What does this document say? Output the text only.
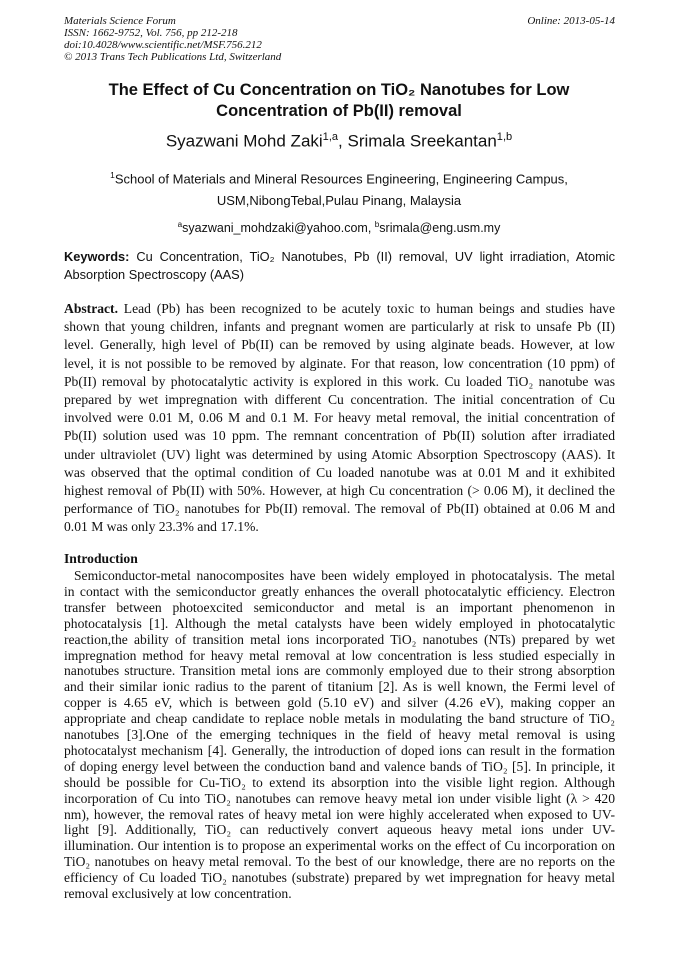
Materials Science Forum
ISSN: 1662-9752, Vol. 756, pp 212-218
doi:10.4028/www.scientific.net/MSF.756.212
© 2013 Trans Tech Publications Ltd, Switzerland
Online: 2013-05-14
The Effect of Cu Concentration on TiO₂ Nanotubes for Low
Concentration of Pb(II) removal
Syazwani Mohd Zaki$^{1,a}$, Srimala Sreekantan$^{1,b}$
$^1$School of Materials and Mineral Resources Engineering, Engineering Campus,
USM,NibongTebal,Pulau Pinang, Malaysia
$^a$syazwani_mohdzaki@yahoo.com, $^b$srimala@eng.usm.my
Keywords: Cu Concentration, TiO₂ Nanotubes, Pb (II) removal, UV light irradiation, Atomic
Absorption Spectroscopy (AAS)
Abstract. Lead (Pb) has been recognized to be acutely toxic to human beings and studies have
shown that young children, infants and pregnant women are particularly at risk to unsafe Pb (II)
level. Generally, high level of Pb(II) can be removed by using alginate beads. However, at low
level, it is not possible to be removed by alginate. For that reason, low concentration (10 ppm) of
Pb(II) removal by photocatalytic activity is explored in this work. Cu loaded TiO₂ nanotube was
prepared by wet impregnation with different Cu concentration. The initial concentration of Cu
involved were 0.01 M, 0.06 M and 0.1 M. For heavy metal removal, the initial concentration of
Pb(II) solution used was 10 ppm. The remnant concentration of Pb(II) solution after irradiated
under ultraviolet (UV) light was determined by using Atomic Absorption Spectroscopy (AAS). It
was observed that the optimal condition of Cu loaded nanotube was at 0.01 M and it exhibited
highest removal of Pb(II) with 50%. However, at high Cu concentration (> 0.06 M), it declined the
performance of TiO₂ nanotubes for Pb(II) removal. The removal of Pb(II) obtained at 0.06 M and
0.01 M was only 23.3% and 17.1%.
Introduction
Semiconductor-metal nanocomposites have been widely employed in photocatalysis. The metal
in contact with the semiconductor greatly enhances the overall photocatalytic efficiency. Electron
transfer between photoexcited semiconductor and metal is an important phenomenon in
photocatalysis [1]. Although the metal catalysts have been widely employed in photocatalytic
reaction,the ability of transition metal ions incorporated TiO₂ nanotubes (NTs) prepared by wet
impregnation method for heavy metal removal at low concentration is less studied especially in
nanotubes structure. Transition metal ions are commonly employed due to their strong absorption
and their similar ionic radius to the parent of titanium [2]. As is well known, the Fermi level of
copper is 4.65 eV, which is between gold (5.10 eV) and silver (4.26 eV), making copper an
appropriate and cheap candidate to replace noble metals in modulating the band structure of TiO₂
nanotubes [3].One of the emerging techniques in the field of heavy metal removal is using
photocatalyst mechanism [4]. Generally, the introduction of doped ions can result in the formation
of doping energy level between the conduction band and valence bands of TiO₂ [5]. In principle, it
should be possible for Cu-TiO₂ to extend its absorption into the visible light region. Although
incorporation of Cu into TiO₂ nanotubes can remove heavy metal ion under visible light (λ > 420
nm), however, the removal rates of heavy metal ion were highly accelerated when exposed to UV-
light [9]. Additionally, TiO₂ can reductively convert aqueous heavy metal ions under UV-
illumination. Our intention is to propose an experimental works on the effect of Cu incorporation on
TiO₂ nanotubes on heavy metal removal. To the best of our knowledge, there are no reports on the
efficiency of Cu loaded TiO₂ nanotubes (substrate) prepared by wet impregnation for heavy metal
removal exclusively at low concentration.
